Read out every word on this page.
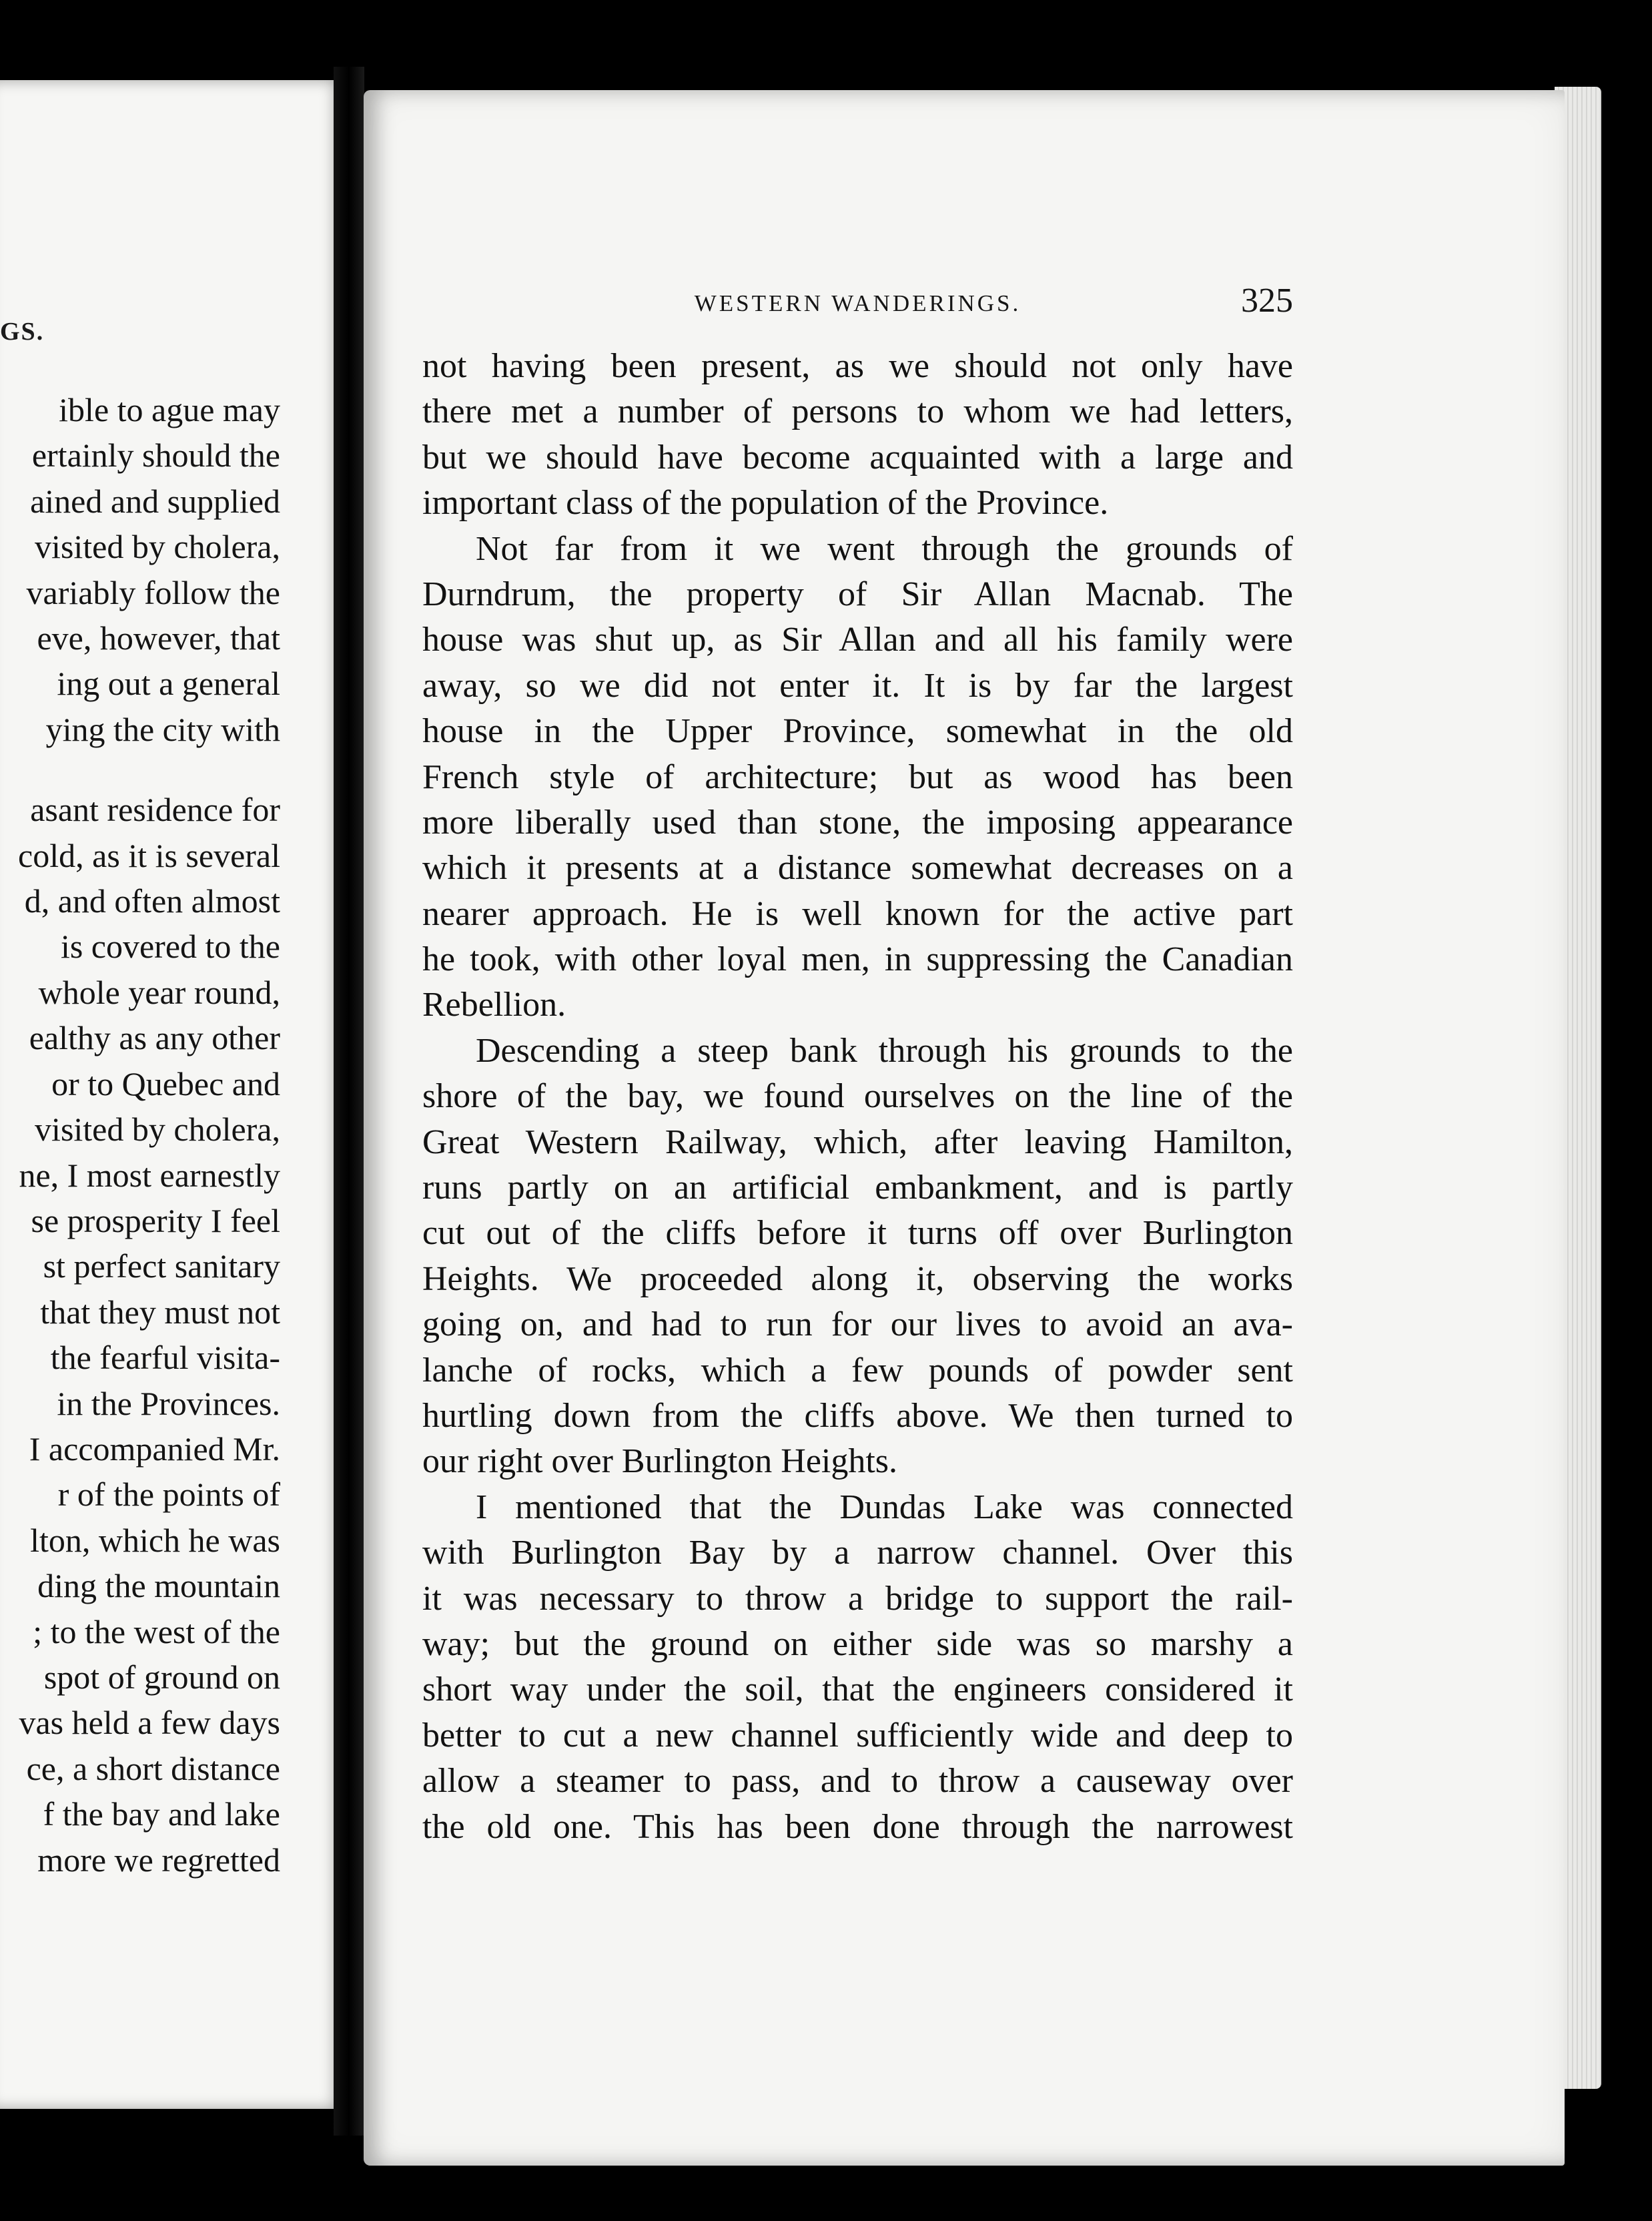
GS.
ible to ague may
ertainly should the
ained and supplied
visited by cholera,
variably follow the
eve, however, that
ing out a general
ying the city with
asant residence for
cold, as it is several
d, and often almost
is covered to the
whole year round,
ealthy as any other
or to Quebec and
visited by cholera,
ne, I most earnestly
se prosperity I feel
st perfect sanitary
that they must not
the fearful visita-
in the Provinces.
I accompanied Mr.
r of the points of
lton, which he was
ding the mountain
; to the west of the
spot of ground on
vas held a few days
ce, a short distance
f the bay and lake
more we regretted
WESTERN WANDERINGS.	325
not having been present, as we should not only have
there met a number of persons to whom we had letters,
but we should have become acquainted with a large and
important class of the population of the Province.
Not far from it we went through the grounds of
Durndrum, the property of Sir Allan Macnab. The
house was shut up, as Sir Allan and all his family were
away, so we did not enter it. It is by far the largest
house in the Upper Province, somewhat in the old
French style of architecture; but as wood has been
more liberally used than stone, the imposing appearance
which it presents at a distance somewhat decreases on a
nearer approach. He is well known for the active part
he took, with other loyal men, in suppressing the Canadian
Rebellion.
Descending a steep bank through his grounds to the
shore of the bay, we found ourselves on the line of the
Great Western Railway, which, after leaving Hamilton,
runs partly on an artificial embankment, and is partly
cut out of the cliffs before it turns off over Burlington
Heights. We proceeded along it, observing the works
going on, and had to run for our lives to avoid an ava-
lanche of rocks, which a few pounds of powder sent
hurtling down from the cliffs above. We then turned to
our right over Burlington Heights.
I mentioned that the Dundas Lake was connected
with Burlington Bay by a narrow channel. Over this
it was necessary to throw a bridge to support the rail-
way; but the ground on either side was so marshy a
short way under the soil, that the engineers considered it
better to cut a new channel sufficiently wide and deep to
allow a steamer to pass, and to throw a causeway over
the old one. This has been done through the narrowest
